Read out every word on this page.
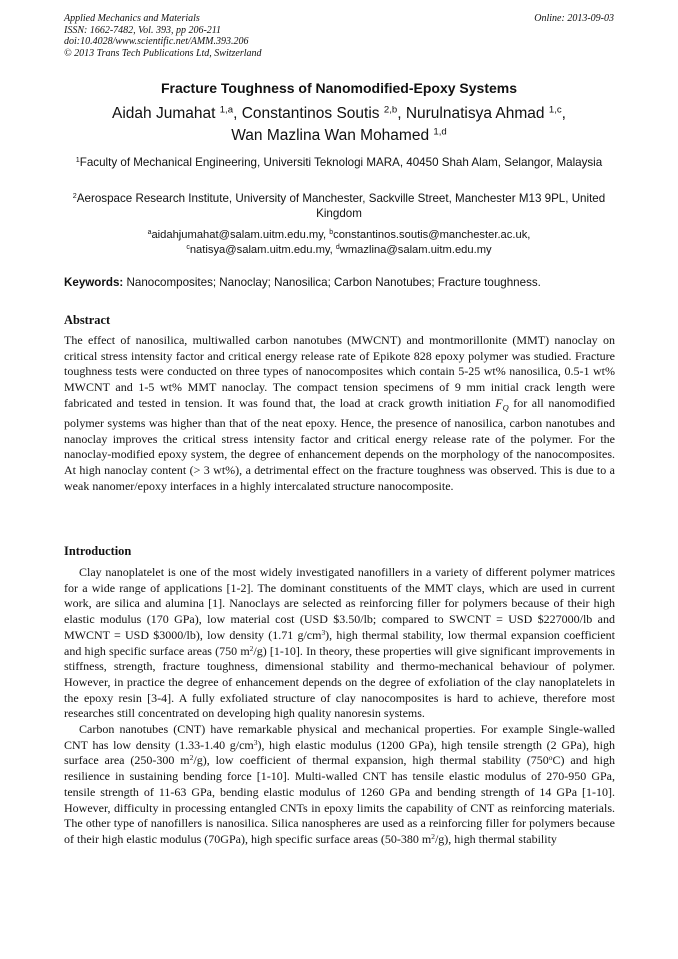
Applied Mechanics and Materials
ISSN: 1662-7482, Vol. 393, pp 206-211
doi:10.4028/www.scientific.net/AMM.393.206
© 2013 Trans Tech Publications Ltd, Switzerland
Online: 2013-09-03
Fracture Toughness of Nanomodified-Epoxy Systems
Aidah Jumahat $^{1,a}$, Constantinos Soutis $^{2,b}$, Nurulnatisya Ahmad $^{1,c}$,
Wan Mazlina Wan Mohamed $^{1,d}$
$^1$Faculty of Mechanical Engineering, Universiti Teknologi MARA, 40450 Shah Alam, Selangor, Malaysia
$^2$Aerospace Research Institute, University of Manchester, Sackville Street, Manchester M13 9PL, United Kingdom
$^a$aidahjumahat@salam.uitm.edu.my, $^b$constantinos.soutis@manchester.ac.uk,
$^c$natisya@salam.uitm.edu.my, $^d$wmazlina@salam.uitm.edu.my
Keywords: Nanocomposites; Nanoclay; Nanosilica; Carbon Nanotubes; Fracture toughness.
Abstract

The effect of nanosilica, multiwalled carbon nanotubes (MWCNT) and montmorillonite (MMT) nanoclay on critical stress intensity factor and critical energy release rate of Epikote 828 epoxy polymer was studied. Fracture toughness tests were conducted on three types of nanocomposites which contain 5-25 wt% nanosilica, 0.5-1 wt% MWCNT and 1-5 wt% MMT nanoclay. The compact tension specimens of 9 mm initial crack length were fabricated and tested in tension. It was found that, the load at crack growth initiation $F_Q$ for all nanomodified polymer systems was higher than that of the neat epoxy. Hence, the presence of nanosilica, carbon nanotubes and nanoclay improves the critical stress intensity factor and critical energy release rate of the polymer. For the nanoclay-modified epoxy system, the degree of enhancement depends on the morphology of the nanocomposites. At high nanoclay content (> 3 wt%), a detrimental effect on the fracture toughness was observed. This is due to a weak nanomer/epoxy interfaces in a highly intercalated structure nanocomposite.

Introduction

Clay nanoplatelet is one of the most widely investigated nanofillers in a variety of different polymer matrices for a wide range of applications [1-2]. The dominant constituents of the MMT clays, which are used in current work, are silica and alumina [1]. Nanoclays are selected as reinforcing filler for polymers because of their high elastic modulus (170 GPa), low material cost (USD $3.50/lb; compared to SWCNT = USD $227000/lb and MWCNT = USD $3000/lb), low density (1.71 $g/cm^3$), high thermal stability, low thermal expansion coefficient and high specific surface areas (750 $m^2/g$) [1-10]. In theory, these properties will give significant improvements in stiffness, strength, fracture toughness, dimensional stability and thermo-mechanical behaviour of polymer. However, in practice the degree of enhancement depends on the degree of exfoliation of the clay nanoplatelets in the epoxy resin [3-4]. A fully exfoliated structure of clay nanocomposites is hard to achieve, therefore most researches still concentrated on developing high quality nanoresin systems.

Carbon nanotubes (CNT) have remarkable physical and mechanical properties. For example Single-walled CNT has low density (1.33-1.40 $g/cm^3$), high elastic modulus (1200 GPa), high tensile strength (2 GPa), high surface area (250-300 $m^2/g$), low coefficient of thermal expansion, high thermal stability (750$^o$C) and high resilience in sustaining bending force [1-10]. Multi-walled CNT has tensile elastic modulus of 270-950 GPa, tensile strength of 11-63 GPa, bending elastic modulus of 1260 GPa and bending strength of 14 GPa [1-10]. However, difficulty in processing entangled CNTs in epoxy limits the capability of CNT as reinforcing materials. The other type of nanofillers is nanosilica. Silica nanospheres are used as a reinforcing filler for polymers because of their high elastic modulus (70GPa), high specific surface areas (50-380 $m^2/g$), high thermal stability
